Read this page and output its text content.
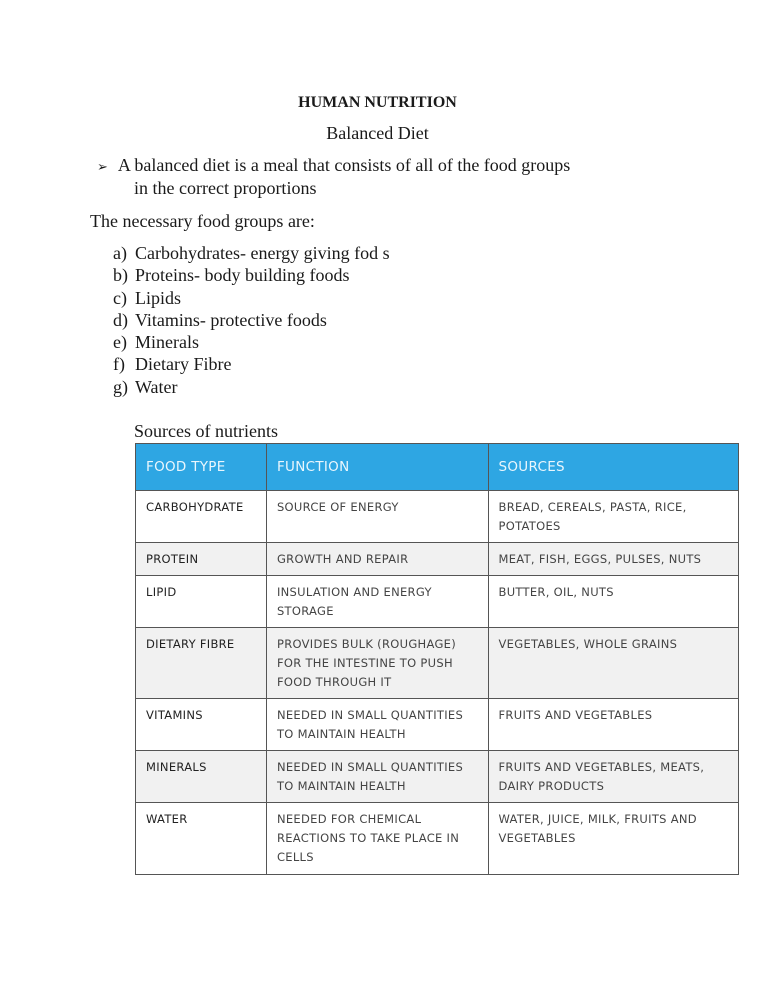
HUMAN NUTRITION
Balanced Diet
➢ A balanced diet is a meal that consists of all of the food groups
in the correct proportions
The necessary food groups are:
a) Carbohydrates- energy giving fod s
b) Proteins- body building foods
c) Lipids
d) Vitamins- protective foods
e) Minerals
f) Dietary Fibre
g) Water
Sources of nutrients
FOOD TYPE	FUNCTION	SOURCES
CARBOHYDRATE	SOURCE OF ENERGY	BREAD, CEREALS, PASTA, RICE, POTATOES
PROTEIN	GROWTH AND REPAIR	MEAT, FISH, EGGS, PULSES, NUTS
LIPID	INSULATION AND ENERGY STORAGE	BUTTER, OIL, NUTS
DIETARY FIBRE	PROVIDES BULK (ROUGHAGE) FOR THE INTESTINE TO PUSH FOOD THROUGH IT	VEGETABLES, WHOLE GRAINS
VITAMINS	NEEDED IN SMALL QUANTITIES TO MAINTAIN HEALTH	FRUITS AND VEGETABLES
MINERALS	NEEDED IN SMALL QUANTITIES TO MAINTAIN HEALTH	FRUITS AND VEGETABLES, MEATS, DAIRY PRODUCTS
WATER	NEEDED FOR CHEMICAL REACTIONS TO TAKE PLACE IN CELLS	WATER, JUICE, MILK, FRUITS AND VEGETABLES
